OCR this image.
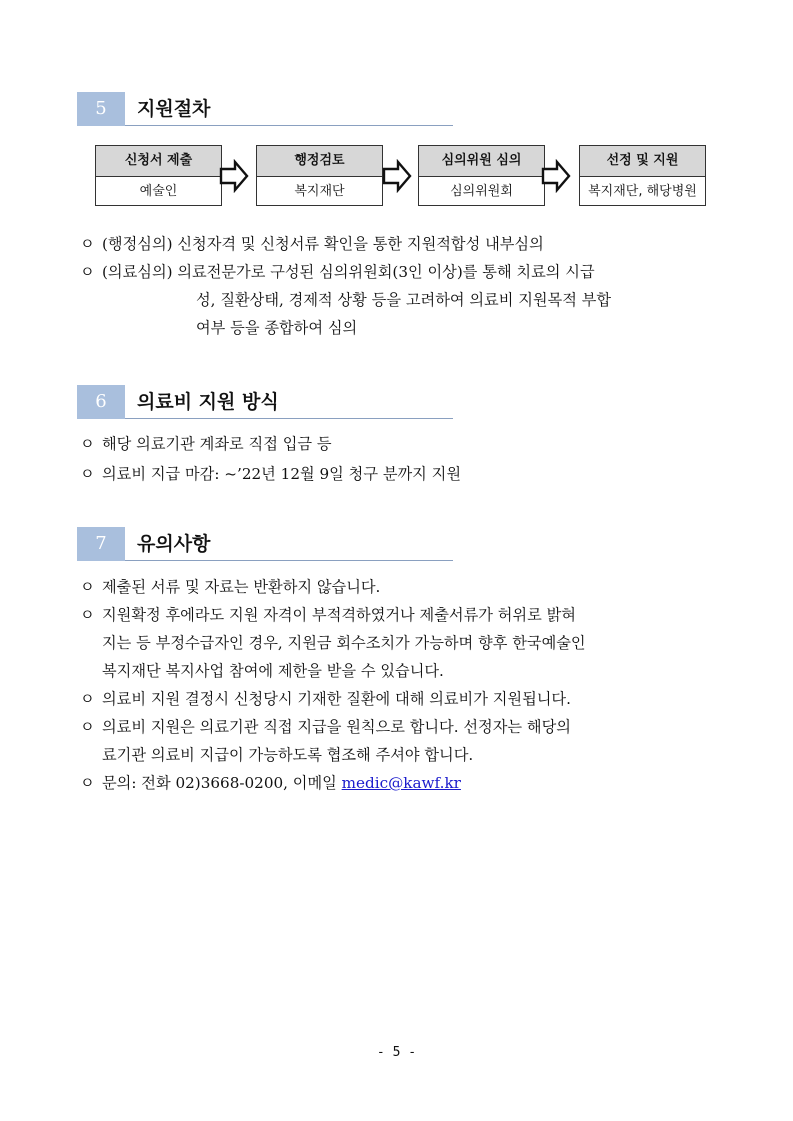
5	지원절차
신청서 제출
예술인
행정검토
복지재단
심의위원 심의
심의위원회
선정 및 지원
복지재단, 해당병원
ㅇ (행정심의) 신청자격 및 신청서류 확인을 통한 지원적합성 내부심의
ㅇ (의료심의) 의료전문가로 구성된 심의위원회(3인 이상)를 통해 치료의 시급
성, 질환상태, 경제적 상황 등을 고려하여 의료비 지원목적 부합
여부 등을 종합하여 심의
6	의료비 지원 방식
ㅇ 해당 의료기관 계좌로 직접 입금 등
ㅇ 의료비 지급 마감: ~’22년 12월 9일 청구 분까지 지원
7	유의사항
ㅇ 제출된 서류 및 자료는 반환하지 않습니다.
ㅇ 지원확정 후에라도 지원 자격이 부적격하였거나 제출서류가 허위로 밝혀
지는 등 부정수급자인 경우, 지원금 회수조치가 가능하며 향후 한국예술인
복지재단 복지사업 참여에 제한을 받을 수 있습니다.
ㅇ 의료비 지원 결정시 신청당시 기재한 질환에 대해 의료비가 지원됩니다.
ㅇ 의료비 지원은 의료기관 직접 지급을 원칙으로 합니다. 선정자는 해당의
료기관 의료비 지급이 가능하도록 협조해 주셔야 합니다.
ㅇ 문의: 전화 02)3668-0200, 이메일 medic@kawf.kr
- 5 -
